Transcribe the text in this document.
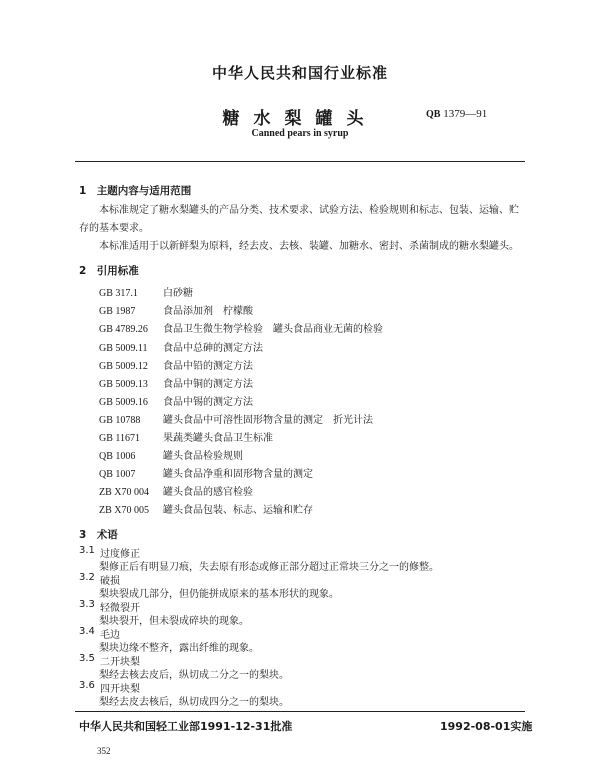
中华人民共和国行业标准
糖水梨罐头	QB 1379—91
Canned pears in syrup
1　主题内容与适用范围
本标准规定了糖水梨罐头的产品分类、技术要求、试验方法、检验规则和标志、包装、运输、贮存的基本要求。
本标准适用于以新鲜梨为原料，经去皮、去核、装罐、加糖水、密封、杀菌制成的糖水梨罐头。
2　引用标准
GB 317.1	白砂糖
GB 1987	食品添加剂　柠檬酸
GB 4789.26 食品卫生微生物学检验　罐头食品商业无菌的检验
GB 5009.11 食品中总砷的测定方法
GB 5009.12 食品中铅的测定方法
GB 5009.13 食品中铜的测定方法
GB 5009.16 食品中锡的测定方法
GB 10788 罐头食品中可溶性固形物含量的测定　折光计法
GB 11671 果蔬类罐头食品卫生标准
QB 1006	罐头食品检验规则
QB 1007	罐头食品净重和固形物含量的测定
ZB X70 004 罐头食品的感官检验
ZB X70 005 罐头食品包装、标志、运输和贮存
3　术语
3.1 过度修正
梨修正后有明显刀痕，失去原有形态或修正部分超过正常块三分之一的修整。
3.2 破损
梨块裂成几部分，但仍能拼成原来的基本形状的现象。
3.3 轻微裂开
梨块裂开，但未裂成碎块的现象。
3.4 毛边
梨块边缘不整齐，露出纤维的现象。
中华人民共和国轻工业部1991-12-31批准	1992-08-01实施
352
3.5 二开块梨
梨经去核去皮后，纵切成二分之一的梨块。
3.6 四开块梨
梨经去皮去核后，纵切成四分之一的梨块。
